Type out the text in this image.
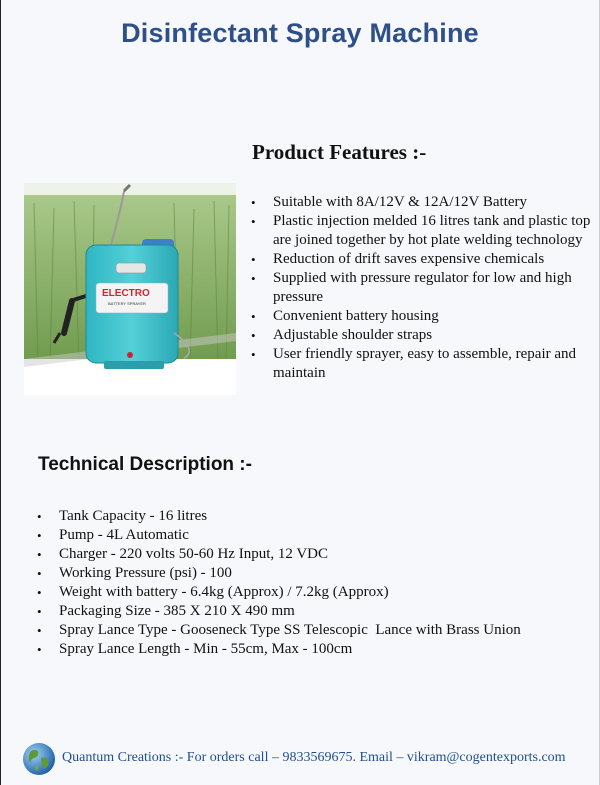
Disinfectant Spray Machine
Product Features :-
ELECTRO
BATTERY SPRAYER
• Suitable with 8A/12V & 12A/12V Battery
• Plastic injection melded 16 litres tank and plastic top are joined together by hot plate welding technology
• Reduction of drift saves expensive chemicals
• Supplied with pressure regulator for low and high pressure
• Convenient battery housing
• Adjustable shoulder straps
• User friendly sprayer, easy to assemble, repair and maintain
Technical Description :-
• Tank Capacity - 16 litres
• Pump - 4L Automatic
• Charger - 220 volts 50-60 Hz Input, 12 VDC
• Working Pressure (psi) - 100
• Weight with battery - 6.4kg (Approx) / 7.2kg (Approx)
• Packaging Size - 385 X 210 X 490 mm
• Spray Lance Type - Gooseneck Type SS Telescopic  Lance with Brass Union
• Spray Lance Length - Min - 55cm, Max - 100cm
Quantum Creations :- For orders call – 9833569675. Email – vikram@cogentexports.com
